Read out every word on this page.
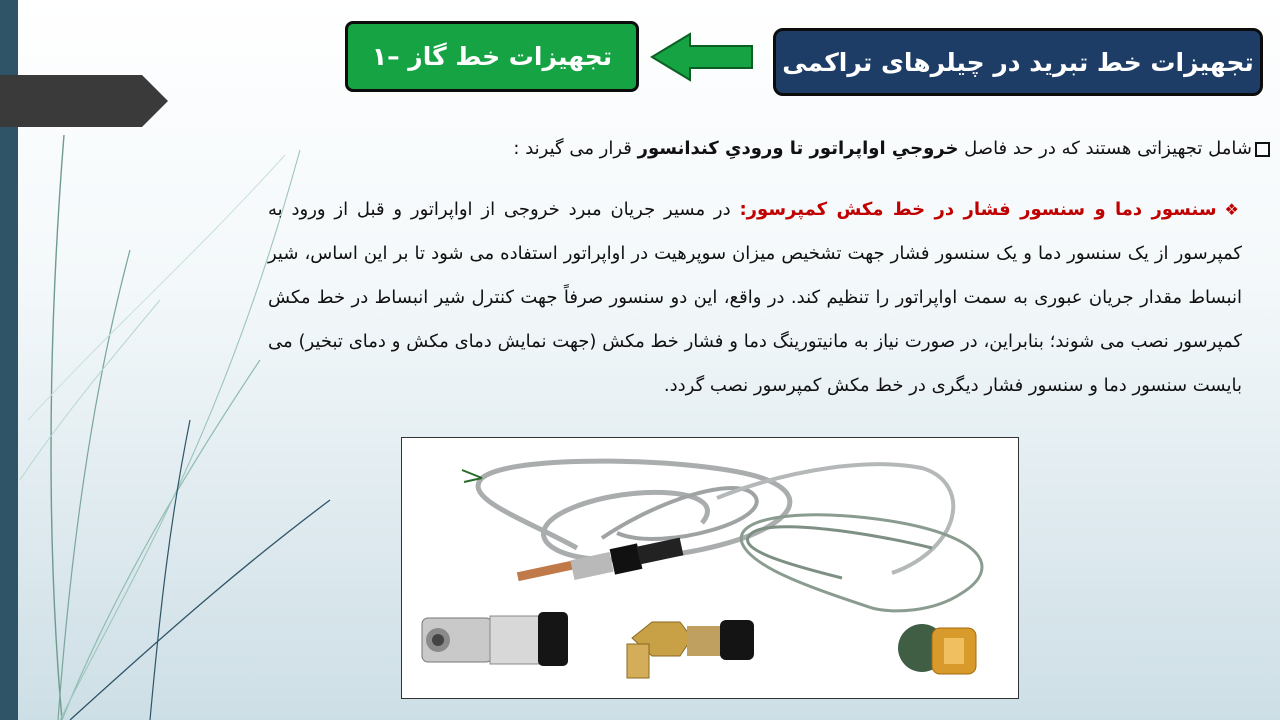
تجهیزات خط تبرید در چیلرهای تراکمی
۱– تجهیزات خط گاز
شامل تجهیزاتی هستند که در حد فاصل خروجیِ اواپراتور تا ورودیِ کندانسور قرار می گیرند :
❖سنسور دما و سنسور فشار در خط مکش کمپرسور: در مسیر جریان مبرد خروجی از اواپراتور و قبل از ورود به کمپرسور از یک سنسور دما و یک سنسور فشار جهت تشخیص میزان سوپرهیت در اواپراتور استفاده می شود تا بر این اساس، شیر انبساط مقدار جریان عبوری به سمت اواپراتور را تنظیم کند. در واقع، این دو سنسور صرفاً جهت کنترل شیر انبساط در خط مکش کمپرسور نصب می شوند؛ بنابراین، در صورت نیاز به مانیتورینگ دما و فشار خط مکش (جهت نمایش دمای مکش و دمای تبخیر) می بایست سنسور دما و سنسور فشار دیگری در خط مکش کمپرسور نصب گردد.
